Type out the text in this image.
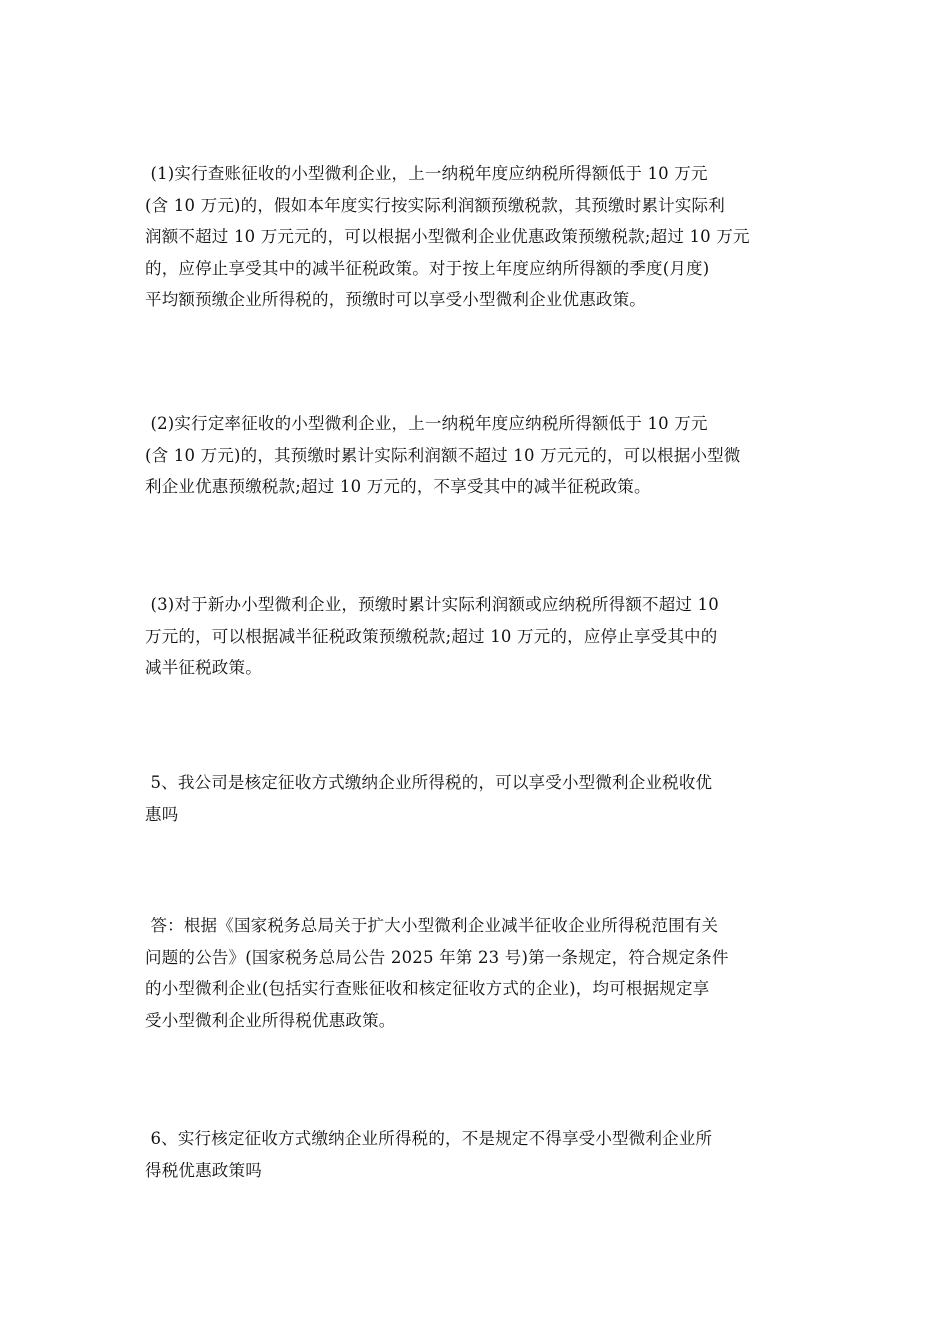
(1)实行查账征收的小型微利企业，上一纳税年度应纳税所得额低于 10 万元
(含 10 万元)的，假如本年度实行按实际利润额预缴税款，其预缴时累计实际利
润额不超过 10 万元元的，可以根据小型微利企业优惠政策预缴税款;超过 10 万元
的，应停止享受其中的减半征税政策。对于按上年度应纳所得额的季度(月度)
平均额预缴企业所得税的，预缴时可以享受小型微利企业优惠政策。
(2)实行定率征收的小型微利企业，上一纳税年度应纳税所得额低于 10 万元
(含 10 万元)的，其预缴时累计实际利润额不超过 10 万元元的，可以根据小型微
利企业优惠预缴税款;超过 10 万元的，不享受其中的减半征税政策。
(3)对于新办小型微利企业，预缴时累计实际利润额或应纳税所得额不超过 10
万元的，可以根据减半征税政策预缴税款;超过 10 万元的，应停止享受其中的
减半征税政策。
5、我公司是核定征收方式缴纳企业所得税的，可以享受小型微利企业税收优
惠吗
答：根据《国家税务总局关于扩大小型微利企业减半征收企业所得税范围有关
问题的公告》(国家税务总局公告 2025 年第 23 号)第一条规定，符合规定条件
的小型微利企业(包括实行查账征收和核定征收方式的企业)，均可根据规定享
受小型微利企业所得税优惠政策。
6、实行核定征收方式缴纳企业所得税的，不是规定不得享受小型微利企业所
得税优惠政策吗
